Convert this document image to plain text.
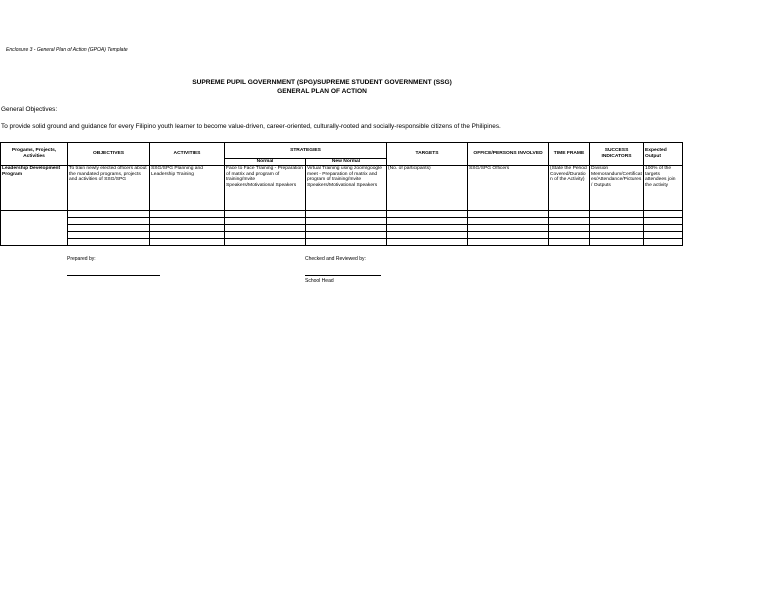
Enclosure 3 - General Plan of Action (GPOA) Template
SUPREME PUPIL GOVERNMENT (SPG)/SUPREME STUDENT GOVERNMENT (SSG)
GENERAL PLAN OF ACTION
General Objectives:
To provide solid ground and guidance for every Filipino youth learner to become value-driven, career-oriented, culturally-rooted and socially-responsible citizens of the Philipines.
Progams, Projects, Activities	OBJECTIVES	ACTIVITIES	STRATEGIES		TARGETS	OFFICE/PERSONS INVOLVED	TIME FRAME	SUCCESS INDICATORS	Expected Output
			Normal	New Normal					
Leadership Development Program	To train newly elected officers about the mandated programs, projects and activities of SSG/SPG	SSG/SPG Planning and Leadership Training	Face to Face Training - Preparation of matrix and program of training/Invite Speakers/Motivational Speakers	Virtual Training using zoom/google meet - Preparation of matrix and program of training/Invite Speakers/Motivational Speakers	(No. of participants)	SSG/SPG Officers	(State the Period Covered/Duration of the Activity)	Division Memorandum/Certificates/Attendance/Pictures / Outputs	100% of the targets attendees join the activity

Prepared by:	Checked and Reviewed by:
School Head
